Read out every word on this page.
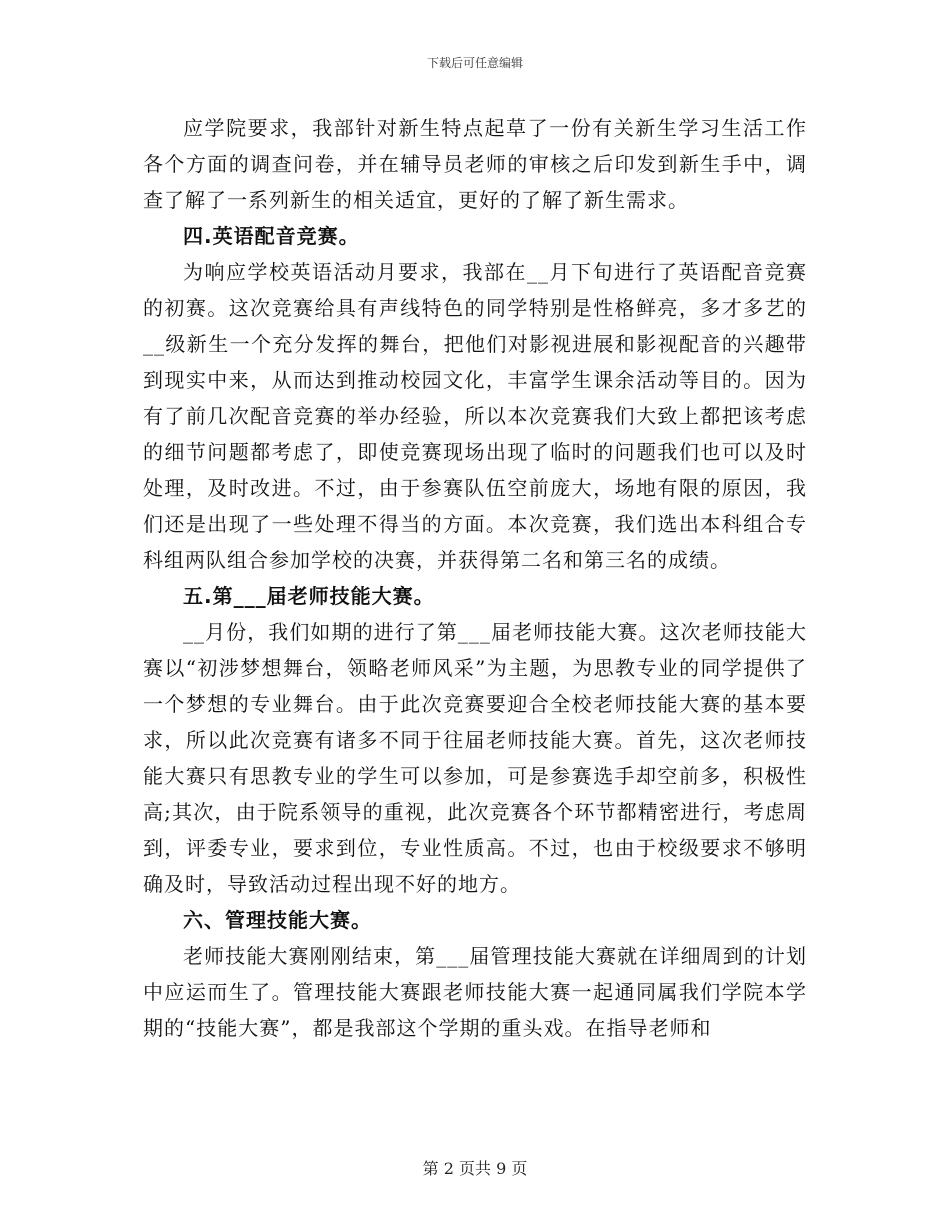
下载后可任意编辑

应学院要求，我部针对新生特点起草了一份有关新生学习生活工作各个方面的调查问卷，并在辅导员老师的审核之后印发到新生手中，调查了解了一系列新生的相关适宜，更好的了解了新生需求。

四.英语配音竞赛。

为响应学校英语活动月要求，我部在__月下旬进行了英语配音竞赛的初赛。这次竞赛给具有声线特色的同学特别是性格鲜亮，多才多艺的__级新生一个充分发挥的舞台，把他们对影视进展和影视配音的兴趣带到现实中来，从而达到推动校园文化，丰富学生课余活动等目的。因为有了前几次配音竞赛的举办经验，所以本次竞赛我们大致上都把该考虑的细节问题都考虑了，即使竞赛现场出现了临时的问题我们也可以及时处理，及时改进。不过，由于参赛队伍空前庞大，场地有限的原因，我们还是出现了一些处理不得当的方面。本次竞赛，我们选出本科组合专科组两队组合参加学校的决赛，并获得第二名和第三名的成绩。

五.第___届老师技能大赛。

__月份，我们如期的进行了第___届老师技能大赛。这次老师技能大赛以“初涉梦想舞台，领略老师风采”为主题，为思教专业的同学提供了一个梦想的专业舞台。由于此次竞赛要迎合全校老师技能大赛的基本要求，所以此次竞赛有诸多不同于往届老师技能大赛。首先，这次老师技能大赛只有思教专业的学生可以参加，可是参赛选手却空前多，积极性高;其次，由于院系领导的重视，此次竞赛各个环节都精密进行，考虑周到，评委专业，要求到位，专业性质高。不过，也由于校级要求不够明确及时，导致活动过程出现不好的地方。

六、管理技能大赛。

老师技能大赛刚刚结束，第___届管理技能大赛就在详细周到的计划中应运而生了。管理技能大赛跟老师技能大赛一起通同属我们学院本学期的“技能大赛”，都是我部这个学期的重头戏。在指导老师和

第 2 页共 9 页
